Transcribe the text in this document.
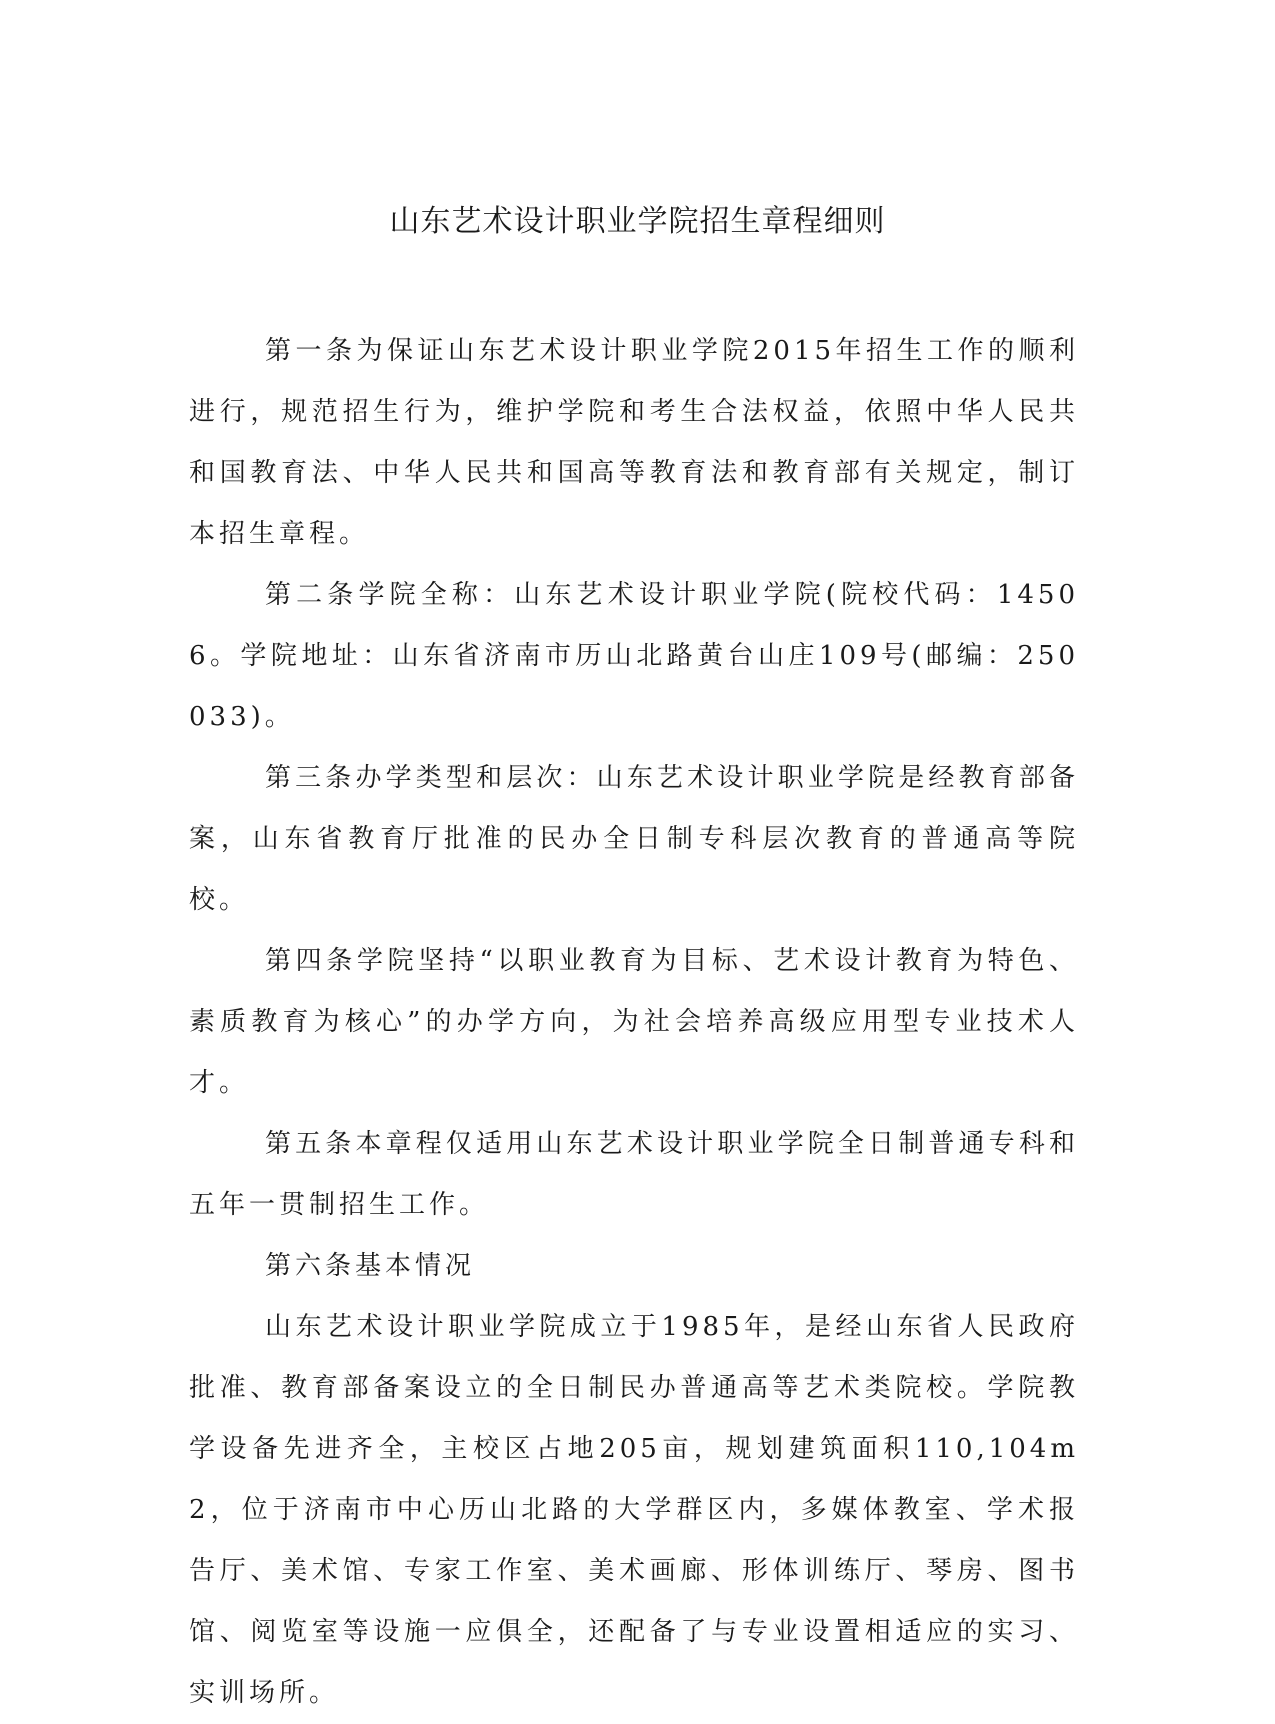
山东艺术设计职业学院招生章程细则

第一条为保证山东艺术设计职业学院2015年招生工作的顺利进行，规范招生行为，维护学院和考生合法权益，依照中华人民共和国教育法、中华人民共和国高等教育法和教育部有关规定，制订本招生章程。

第二条学院全称：山东艺术设计职业学院(院校代码：14506。学院地址：山东省济南市历山北路黄台山庄109号(邮编：250033)。

第三条办学类型和层次：山东艺术设计职业学院是经教育部备案，山东省教育厅批准的民办全日制专科层次教育的普通高等院校。

第四条学院坚持“以职业教育为目标、艺术设计教育为特色、素质教育为核心”的办学方向，为社会培养高级应用型专业技术人才。

第五条本章程仅适用山东艺术设计职业学院全日制普通专科和五年一贯制招生工作。

第六条基本情况

山东艺术设计职业学院成立于1985年，是经山东省人民政府批准、教育部备案设立的全日制民办普通高等艺术类院校。学院教学设备先进齐全，主校区占地205亩，规划建筑面积110,104m2，位于济南市中心历山北路的大学群区内，多媒体教室、学术报告厅、美术馆、专家工作室、美术画廊、形体训练厅、琴房、图书馆、阅览室等设施一应俱全，还配备了与专业设置相适应的实习、实训场所。
